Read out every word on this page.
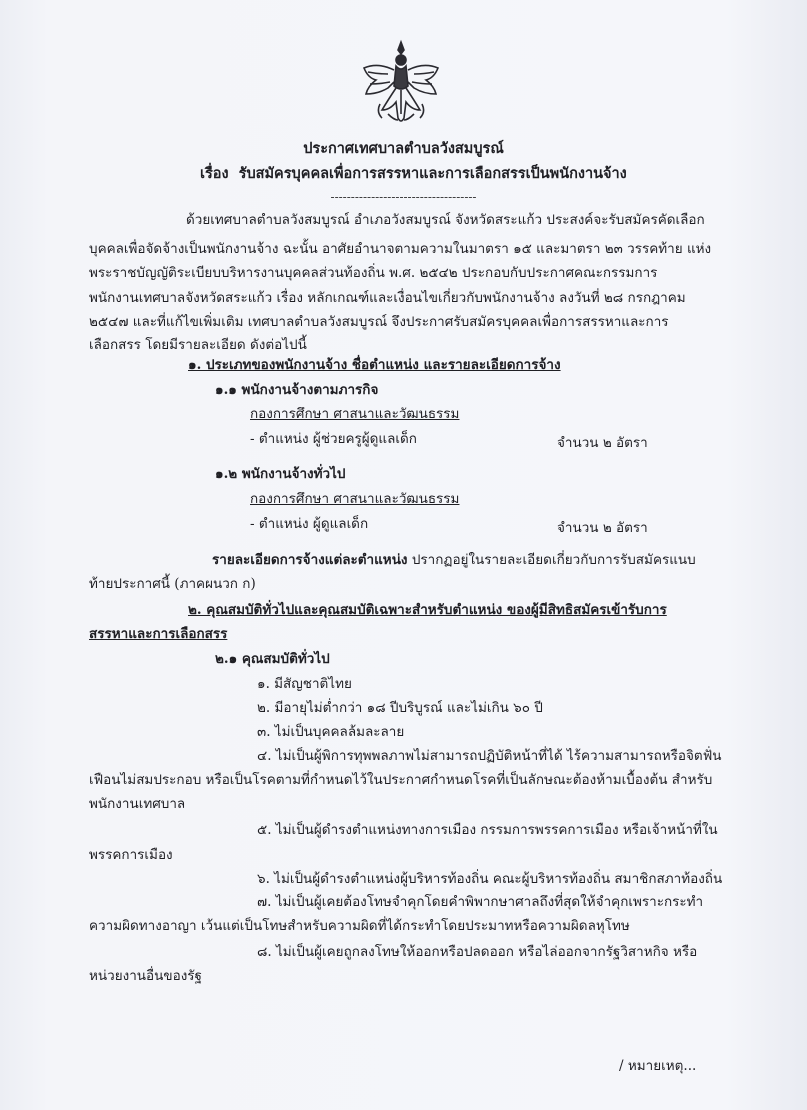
ประกาศเทศบาลตำบลวังสมบูรณ์
เรื่อง รับสมัครบุคคลเพื่อการสรรหาและการเลือกสรรเป็นพนักงานจ้าง
------------------------------------
ด้วยเทศบาลตำบลวังสมบูรณ์ อำเภอวังสมบูรณ์ จังหวัดสระแก้ว ประสงค์จะรับสมัครคัดเลือก
บุคคลเพื่อจัดจ้างเป็นพนักงานจ้าง ฉะนั้น อาศัยอำนาจตามความในมาตรา ๑๕ และมาตรา ๒๓ วรรคท้าย แห่ง
พระราชบัญญัติระเบียบบริหารงานบุคคลส่วนท้องถิ่น พ.ศ. ๒๕๔๒ ประกอบกับประกาศคณะกรรมการ
พนักงานเทศบาลจังหวัดสระแก้ว เรื่อง หลักเกณฑ์และเงื่อนไขเกี่ยวกับพนักงานจ้าง ลงวันที่ ๒๘ กรกฎาคม
๒๕๔๗ และที่แก้ไขเพิ่มเติม เทศบาลตำบลวังสมบูรณ์ จึงประกาศรับสมัครบุคคลเพื่อการสรรหาและการ
เลือกสรร โดยมีรายละเอียด ดังต่อไปนี้
๑. ประเภทของพนักงานจ้าง ชื่อตำแหน่ง และรายละเอียดการจ้าง
๑.๑ พนักงานจ้างตามภารกิจ
กองการศึกษา ศาสนาและวัฒนธรรม
- ตำแหน่ง ผู้ช่วยครูผู้ดูแลเด็ก	จำนวน ๒ อัตรา
๑.๒ พนักงานจ้างทั่วไป
กองการศึกษา ศาสนาและวัฒนธรรม
- ตำแหน่ง ผู้ดูแลเด็ก	จำนวน ๒ อัตรา
รายละเอียดการจ้างแต่ละตำแหน่ง ปรากฏอยู่ในรายละเอียดเกี่ยวกับการรับสมัครแนบ
ท้ายประกาศนี้ (ภาคผนวก ก)
๒. คุณสมบัติทั่วไปและคุณสมบัติเฉพาะสำหรับตำแหน่ง ของผู้มีสิทธิสมัครเข้ารับการ
สรรหาและการเลือกสรร
๒.๑ คุณสมบัติทั่วไป
๑. มีสัญชาติไทย
๒. มีอายุไม่ต่ำกว่า ๑๘ ปีบริบูรณ์ และไม่เกิน ๖๐ ปี
๓. ไม่เป็นบุคคลล้มละลาย
๔. ไม่เป็นผู้พิการทุพพลภาพไม่สามารถปฏิบัติหน้าที่ได้ ไร้ความสามารถหรือจิตฟั่น
เฟือนไม่สมประกอบ หรือเป็นโรคตามที่กำหนดไว้ในประกาศกำหนดโรคที่เป็นลักษณะต้องห้ามเบื้องต้น สำหรับ
พนักงานเทศบาล
๕. ไม่เป็นผู้ดำรงตำแหน่งทางการเมือง กรรมการพรรคการเมือง หรือเจ้าหน้าที่ใน
พรรคการเมือง
๖. ไม่เป็นผู้ดำรงตำแหน่งผู้บริหารท้องถิ่น คณะผู้บริหารท้องถิ่น สมาชิกสภาท้องถิ่น
๗. ไม่เป็นผู้เคยต้องโทษจำคุกโดยคำพิพากษาศาลถึงที่สุดให้จำคุกเพราะกระทำ
ความผิดทางอาญา เว้นแต่เป็นโทษสำหรับความผิดที่ได้กระทำโดยประมาทหรือความผิดลหุโทษ
๘. ไม่เป็นผู้เคยถูกลงโทษให้ออกหรือปลดออก หรือไล่ออกจากรัฐวิสาหกิจ หรือ
หน่วยงานอื่นของรัฐ
/ หมายเหตุ...
